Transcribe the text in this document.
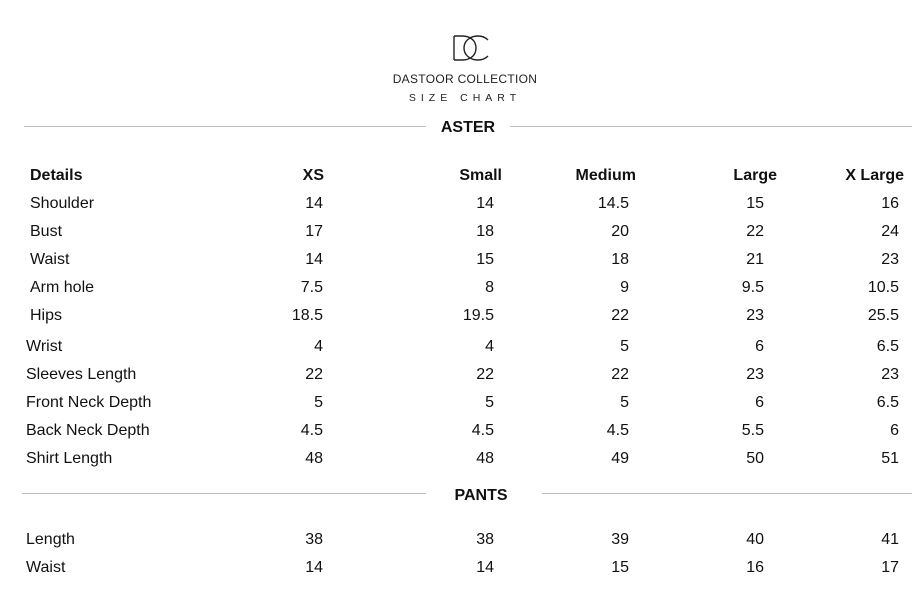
DASTOOR COLLECTION
SIZE CHART
ASTER
PANTS
Details	XS	Small	Medium	Large	X Large
Shoulder	14	14	14.5	15	16
Bust	17	18	20	22	24
Waist	14	15	18	21	23
Arm hole	7.5	8	9	9.5	10.5
Hips	18.5	19.5	22	23	25.5
Wrist	4	4	5	6	6.5
Sleeves Length	22	22	22	23	23
Front Neck Depth	5	5	5	6	6.5
Back Neck Depth	4.5	4.5	4.5	5.5	6
Shirt Length	48	48	49	50	51
Length	38	38	39	40	41
Waist	14	14	15	16	17
